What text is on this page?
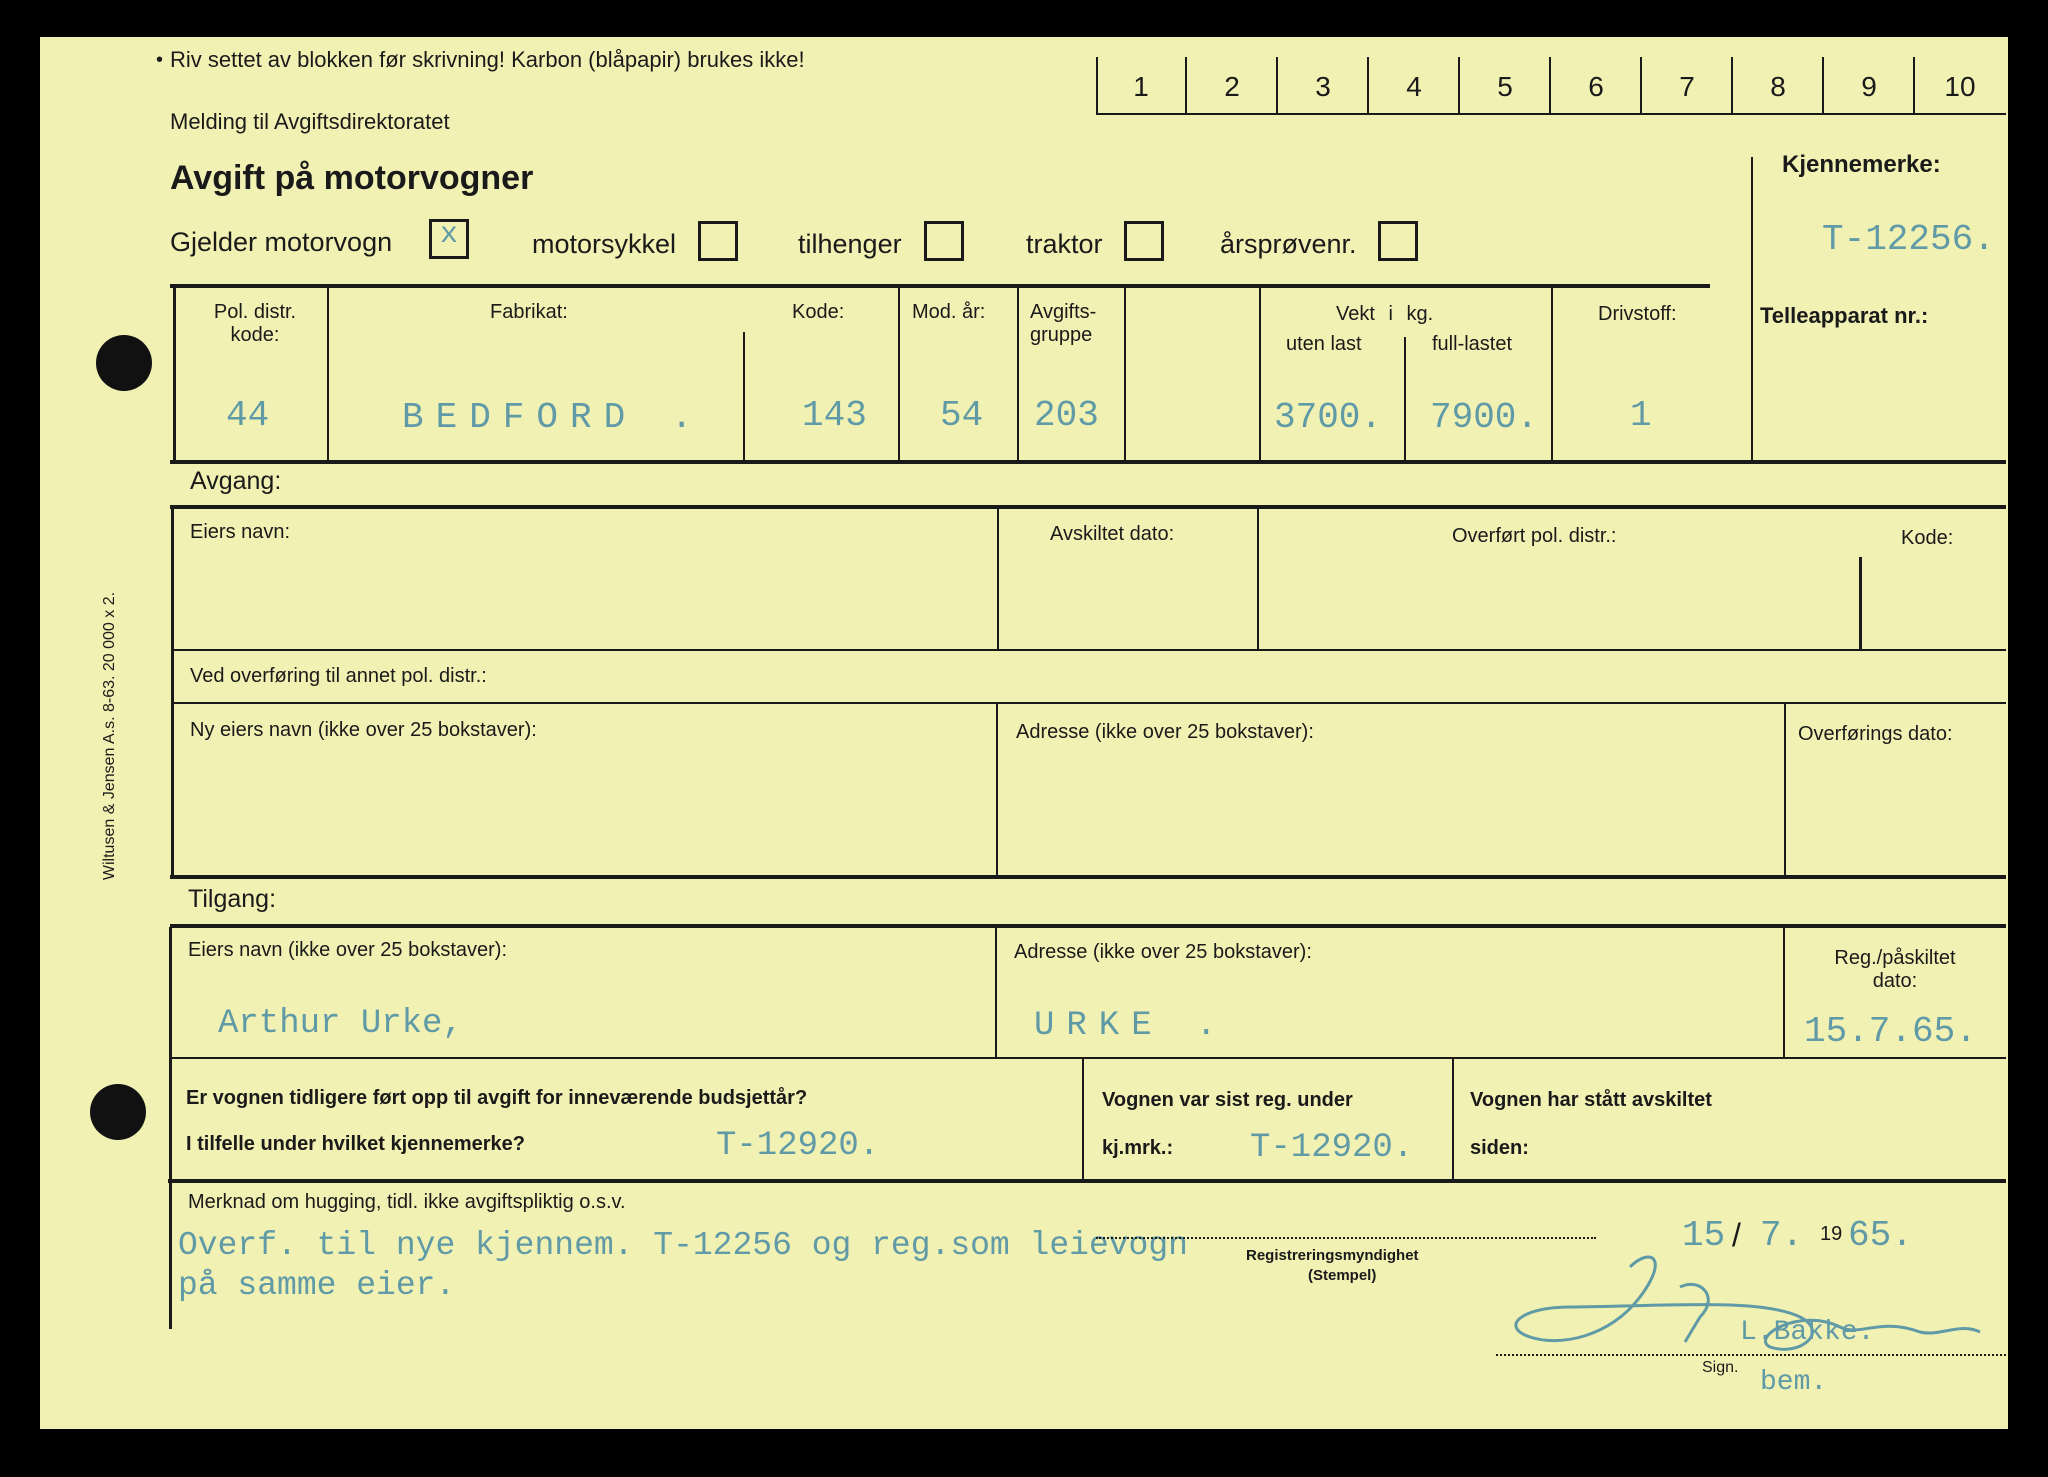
Wiltusen & Jensen A.s. 8-63. 20 000 x 2.
Riv settet av blokken før skrivning! Karbon (blåpapir) brukes ikke!
Melding til Avgiftsdirektoratet
Avgift på motorvogner
1	2	3	4	5	6	7	8	9	10
Kjennemerke:
T-12256.
Gjelder motorvogn x	motorsykkel	tilhenger	traktor	årsprøvenr.
Pol. distr.
kode:
44
Fabrikat:
BEDFORD .
Kode:
143
Mod. år:
54
Avgifts-
gruppe
203
Vekt i kg.
uten last
3700.
full-lastet
7900.
Drivstoff:
1
Telleapparat nr.:
Avgang:
Eiers navn:	Avskiltet dato:	Overført pol. distr.:	Kode:
Ved overføring til annet pol. distr.:
Ny eiers navn (ikke over 25 bokstaver):	Adresse (ikke over 25 bokstaver):	Overførings dato:
Tilgang:
Eiers navn (ikke over 25 bokstaver):
Arthur Urke,
Adresse (ikke over 25 bokstaver):
URKE .
Reg./påskiltet
dato:
15.7.65.
Er vognen tidligere ført opp til avgift for inneværende budsjettår?
I tilfelle under hvilket kjennemerke?	T-12920.
Vognen var sist reg. under
kj.mrk.: T-12920.
Vognen har stått avskiltet
siden:
Merknad om hugging, tidl. ikke avgiftspliktig o.s.v.
Overf. til nye kjennem. T-12256 og reg.som leievogn
på samme eier.
15 / 7. 19 65.
Registreringsmyndighet
(Stempel)
L.Bakke.
Sign. bem.
•
